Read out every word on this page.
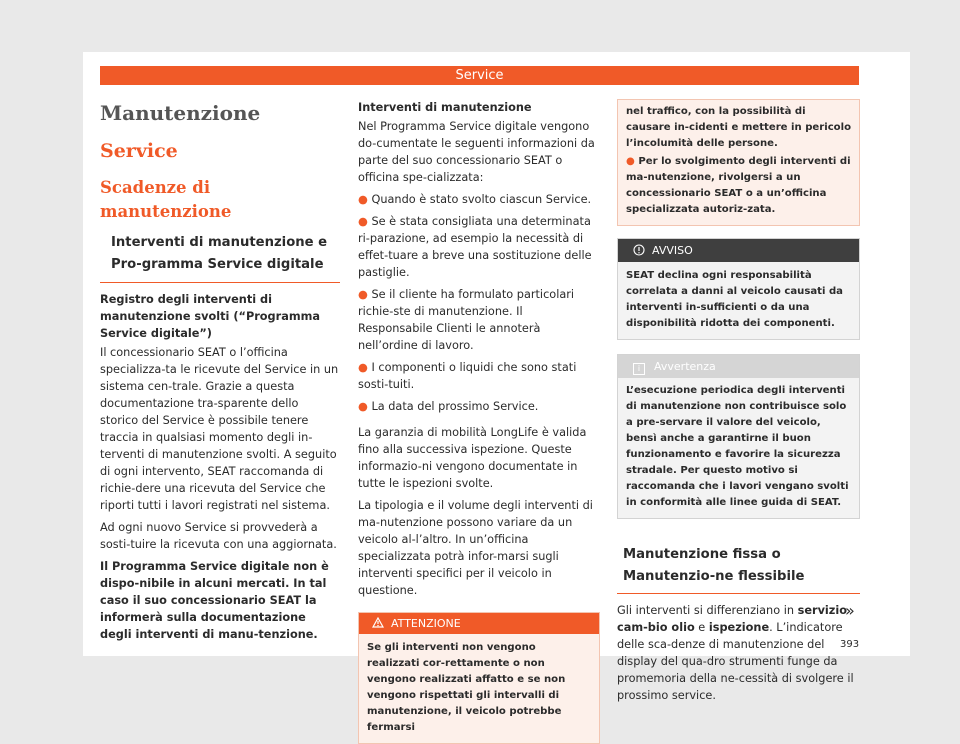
Service
Manutenzione
Service
Scadenze di manutenzione
Interventi di manutenzione e Pro-gramma Service digitale
Registro degli interventi di manutenzione svolti (“Programma Service digitale”)

Il concessionario SEAT o l’officina specializza-ta le ricevute del Service in un sistema cen-trale. Grazie a questa documentazione tra-sparente dello storico del Service è possibile tenere traccia in qualsiasi momento degli in-terventi di manutenzione svolti. A seguito di ogni intervento, SEAT raccomanda di richie-dere una ricevuta del Service che riporti tutti i lavori registrati nel sistema.

Ad ogni nuovo Service si provvederà a sosti-tuire la ricevuta con una aggiornata.

Il Programma Service digitale non è dispo-nibile in alcuni mercati. In tal caso il suo concessionario SEAT la informerà sulla documentazione degli interventi di manu-tenzione.

Interventi di manutenzione

Nel Programma Service digitale vengono do-cumentate le seguenti informazioni da parte del suo concessionario SEAT o officina spe-cializzata:

● Quando è stato svolto ciascun Service.

● Se è stata consigliata una determinata ri-parazione, ad esempio la necessità di effet-tuare a breve una sostituzione delle pastiglie.

● Se il cliente ha formulato particolari richie-ste di manutenzione. Il Responsabile Clienti le annoterà nell’ordine di lavoro.

● I componenti o liquidi che sono stati sosti-tuiti.

● La data del prossimo Service.

La garanzia di mobilità LongLife è valida fino alla successiva ispezione. Queste informazio-ni vengono documentate in tutte le ispezioni svolte.

La tipologia e il volume degli interventi di ma-nutenzione possono variare da un veicolo al-l’altro. In un’officina specializzata potrà infor-marsi sugli interventi specifici per il veicolo in questione.

ATTENZIONE
Se gli interventi non vengono realizzati cor-rettamente o non vengono realizzati affatto e se non vengono rispettati gli intervalli di manutenzione, il veicolo potrebbe fermarsi

nel traffico, con la possibilità di causare in-cidenti e mettere in pericolo l’incolumità delle persone.

● Per lo svolgimento degli interventi di ma-nutenzione, rivolgersi a un concessionario SEAT o a un’officina specializzata autoriz-zata.

AVVISO
SEAT declina ogni responsabilità correlata a danni al veicolo causati da interventi in-sufficienti o da una disponibilità ridotta dei componenti.
i Avvertenza
L’esecuzione periodica degli interventi di manutenzione non contribuisce solo a pre-servare il valore del veicolo, bensì anche a garantirne il buon funzionamento e favorire la sicurezza stradale. Per questo motivo si raccomanda che i lavori vengano svolti in conformità alle linee guida di SEAT.
Manutenzione fissa o Manutenzio-ne flessibile

Gli interventi si differenziano in servizio cam-bio olio e ispezione. L’indicatore delle sca-denze di manutenzione del display del qua-dro strumenti funge da promemoria della ne-cessità di svolgere il prossimo service.

»
393
